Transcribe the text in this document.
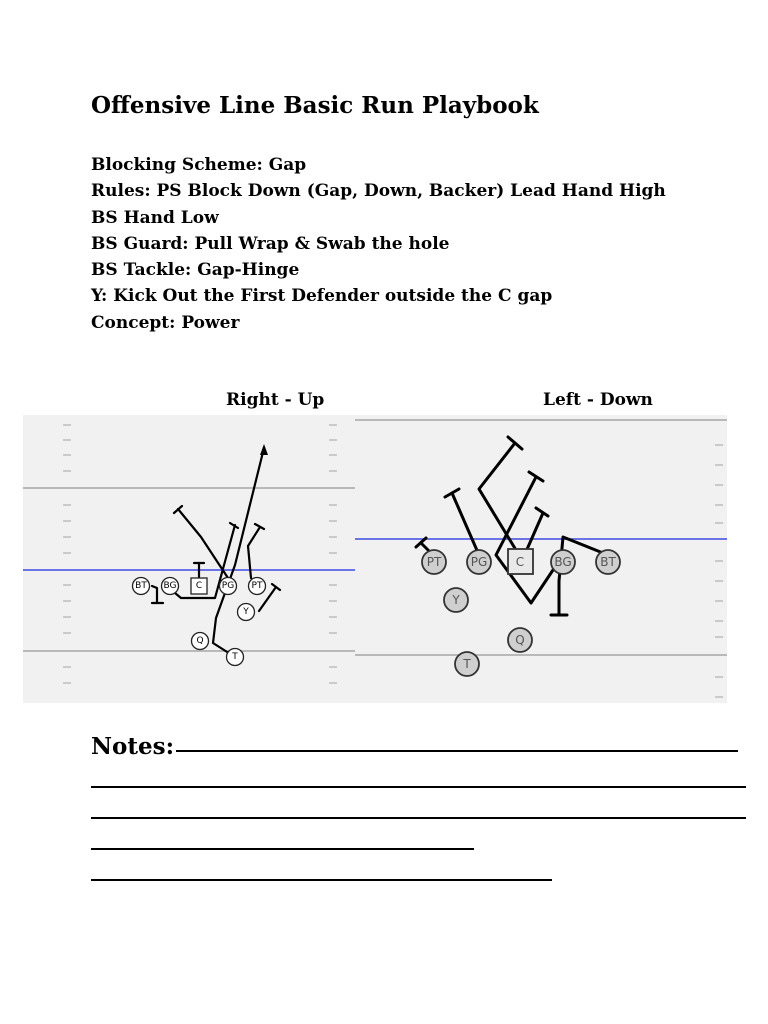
Offensive Line Basic Run Playbook
Blocking Scheme: Gap
Rules: PS Block Down (Gap, Down, Backer) Lead Hand High
BS Hand Low
BS Guard: Pull Wrap & Swab the hole
BS Tackle: Gap-Hinge
Y: Kick Out the First Defender outside the C gap
Concept: Power
Right - Up	Left - Down
BT BG C PG PT
Y
Q
T
PT PG C	BG BT
Y
Q
T
Notes:
